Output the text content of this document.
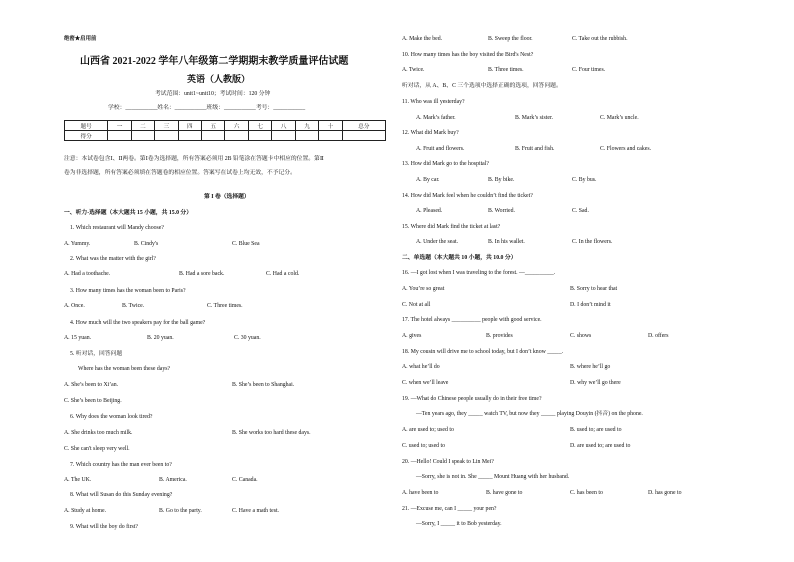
绝密★启用前
山西省 2021-2022 学年八年级第二学期期末教学质量评估试题
英语（人教版）
考试范围：unit1~unit10；考试时间：120 分钟
学校：___________姓名：___________班级：___________考号：___________
题号	一	二	三	四	五	六	七	八	九	十	总分
得分											
注意：本试卷包含Ⅰ、Ⅱ两卷。第Ⅰ卷为选择题，所有答案必须用 2B 铅笔涂在答题卡中相应的位置。第Ⅱ
卷为非选择题，所有答案必须填在答题卷的相应位置。答案写在试卷上均无效，不予记分。
第 I 卷（选择题）
一、听力-选择题（本大题共 15 小题，共 15.0 分）
1. Which restaurant will Mandy choose?
A. Yummy.	B. Cindy's	C. Blue Sea
2. What was the matter with the girl?
A. Had a toothache.	B. Had a sore back.	C. Had a cold.
3. How many times has the woman been to Paris?
A. Once.	B. Twice.	C. Three times.
4. How much will the two speakers pay for the ball game?
A. 15 yuan.	B. 20 yuan.	C. 30 yuan.
5. 听对话，回答问题
Where has the woman been these days?
A. She’s been to Xi’an.	B. She’s been to Shanghai.
C. She’s been to Beijing.
6. Why does the woman look tired?
A. She drinks too much milk.	B. She works too hard these days.
C. She can't sleep very well.
7. Which country has the man ever been to?
A. The UK.	B. America.	C. Canada.
8. What will Susan do this Sunday evening?
A. Study at home.	B. Go to the party.	C. Have a math test.
9. What will the boy do first?
A. Make the bed.	B. Sweep the floor.	C. Take out the rubbish.
10. How many times has the boy visited the Bird's Nest?
A. Twice.	B. Three times.	C. Four times.
听对话，从 A、B、C 三个选项中选择正确的选项，回答问题。
11. Who was ill yesterday?
A. Mark’s father.	B. Mark’s sister.	C. Mark’s uncle.
12. What did Mark buy?
A. Fruit and flowers.	B. Fruit and fish.	C. Flowers and cakes.
13. How did Mark go to the hospital?
A. By car.	B. By bike.	C. By bus.
14. How did Mark feel when he couldn’t find the ticket?
A. Pleased.	B. Worried.	C. Sad.
15. Where did Mark find the ticket at last?
A. Under the seat.	B. In his wallet.	C. In the flowers.
二、单选题（本大题共 10 小题，共 10.0 分）
16. —I got lost when I was traveling to the forest. —__________.
A. You’re so great	B. Sorry to hear that
C. Not at all	D. I don’t mind it
17. The hotel always __________ people with good service.
A. gives	B. provides	C. shows	D. offers
18. My cousin will drive me to school today, but I don’t know _____.
A. what he’ll do	B. where he’ll go
C. when we’ll leave	D. why we’ll go there
19. —What do Chinese people usually do in their free time?
—Ten years ago, they _____ watch TV, but now they _____ playing Douyin (抖音) on the phone.
A. are used to; used to	B. used to; are used to
C. used to; used to	D. are used to; are used to
20. —Hello! Could I speak to Lin Mei?
—Sorry, she is not in. She _____ Mount Huang with her husband.
A. have been to	B. have gone to	C. has been to	D. has gone to
21. —Excuse me, can I _____ your pen?
—Sorry, I _____ it to Bob yesterday.
